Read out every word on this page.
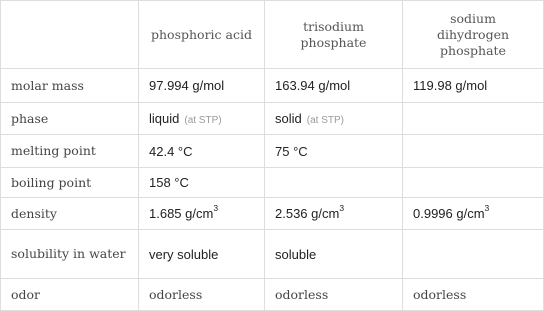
	phosphoric acid	trisodium phosphate	sodium dihydrogen phosphate
molar mass	97.994 g/mol	163.94 g/mol	119.98 g/mol
phase	liquid (at STP)	solid (at STP)	
melting point	42.4 °C	75 °C	
boiling point	158 °C		
density	1.685 $g/cm^3$	2.536 $g/cm^3$	0.9996 $g/cm^3$
solubility in water	very soluble	soluble	
odor	odorless	odorless	odorless
